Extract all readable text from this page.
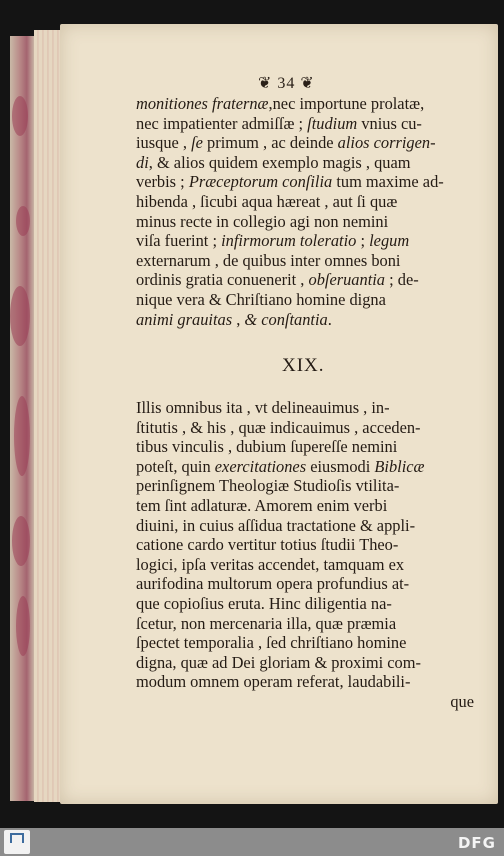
❦ 34 ❦
monitiones fraternæ,nec importune prolatæ,
nec impatienter admiſſæ ; ſtudium vnius cu-
iusque , ſe primum , ac deinde alios corrigen-
di, & alios quidem exemplo magis , quam
verbis ; Præceptorum conſilia tum maxime ad-
hibenda , ſicubi aqua hæreat , aut ſi quæ
minus recte in collegio agi non nemini
viſa fuerint ; infirmorum toleratio ; legum
externarum , de quibus inter omnes boni
ordinis gratia conuenerit , obſeruantia ; de-
nique vera & Chriſtiano homine digna
animi grauitas , & conſtantia.
XIX.
Illis omnibus ita , vt delineauimus , in-
ſtitutis , & his , quæ indicauimus , acceden-
tibus vinculis , dubium ſupereſſe nemini
poteſt, quin exercitationes eiusmodi Biblicæ
perinſignem Theologiæ Studioſis vtilita-
tem ſint adlaturæ. Amorem enim verbi
diuini, in cuius aſſidua tractatione & appli-
catione cardo vertitur totius ſtudii Theo-
logici, ipſa veritas accendet, tamquam ex
aurifodina multorum opera profundius at-
que copioſius eruta. Hinc diligentia na-
ſcetur, non mercenaria illa, quæ præmia
ſpectet temporalia , ſed chriſtiano homine
digna, quæ ad Dei gloriam & proximi com-
modum omnem operam referat, laudabili-
que
DFG
